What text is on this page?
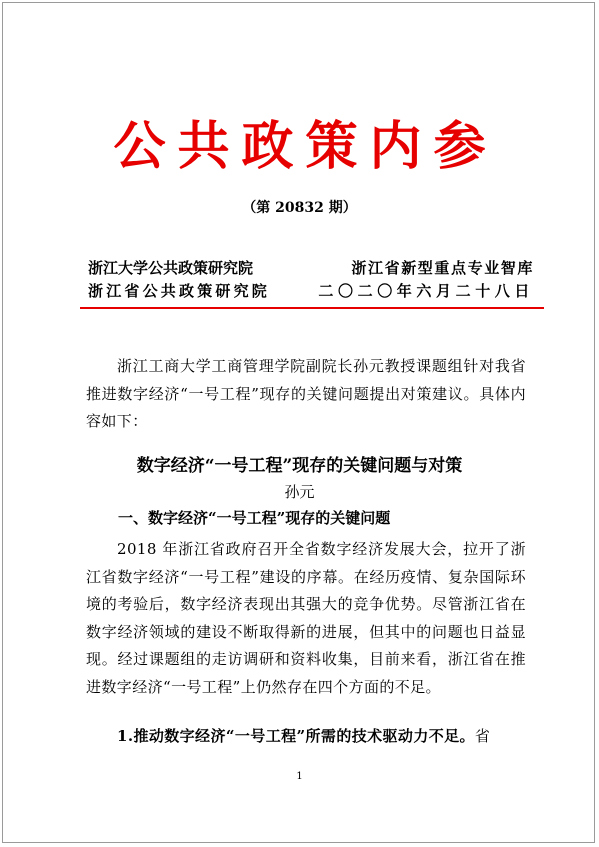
公共政策内参
（第 20832 期）
浙江大学公共政策研究院	浙江省新型重点专业智库
浙江省公共政策研究院	二〇二〇年六月二十八日
浙江工商大学工商管理学院副院长孙元教授课题组针对我省推进数字经济“一号工程”现存的关键问题提出对策建议。具体内容如下：
数字经济“一号工程”现存的关键问题与对策
孙元
一、数字经济“一号工程”现存的关键问题
2018 年浙江省政府召开全省数字经济发展大会，拉开了浙江省数字经济“一号工程”建设的序幕。在经历疫情、复杂国际环境的考验后，数字经济表现出其强大的竞争优势。尽管浙江省在数字经济领域的建设不断取得新的进展，但其中的问题也日益显现。经过课题组的走访调研和资料收集，目前来看，浙江省在推进数字经济“一号工程”上仍然存在四个方面的不足。
1.推动数字经济“一号工程”所需的技术驱动力不足。省
1
